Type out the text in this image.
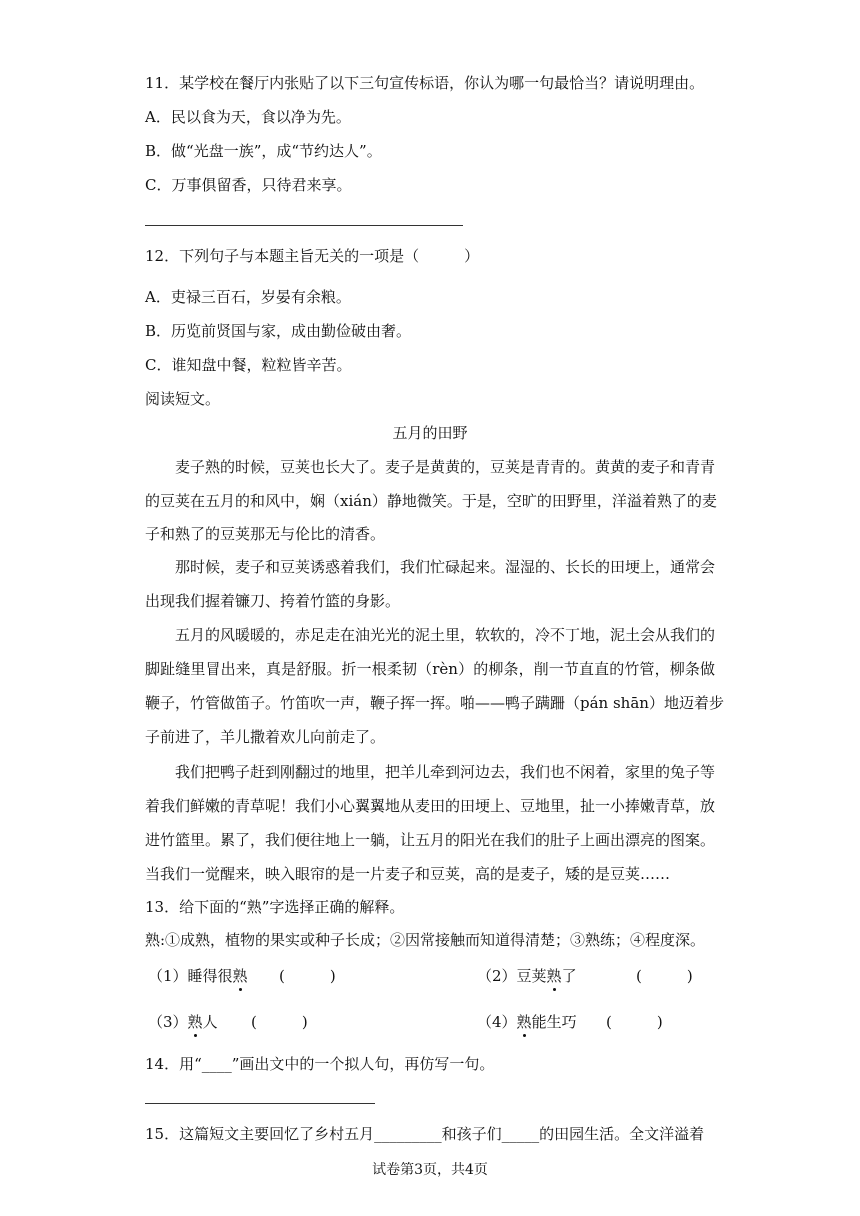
11．某学校在餐厅内张贴了以下三句宣传标语，你认为哪一句最恰当？请说明理由。
A．民以食为天，食以净为先。
B．做“光盘一族”，成“节约达人”。
C．万事俱留香，只待君来享。
12．下列句子与本题主旨无关的一项是（　　　）
A．吏禄三百石，岁晏有余粮。
B．历览前贤国与家，成由勤俭破由奢。
C．谁知盘中餐，粒粒皆辛苦。
阅读短文。
五月的田野
麦子熟的时候，豆荚也长大了。麦子是黄黄的，豆荚是青青的。黄黄的麦子和青青
的豆荚在五月的和风中，娴（xián）静地微笑。于是，空旷的田野里，洋溢着熟了的麦
子和熟了的豆荚那无与伦比的清香。
那时候，麦子和豆荚诱惑着我们，我们忙碌起来。湿湿的、长长的田埂上，通常会
出现我们握着镰刀、挎着竹篮的身影。
五月的风暖暖的，赤足走在油光光的泥土里，软软的，冷不丁地，泥土会从我们的
脚趾缝里冒出来，真是舒服。折一根柔韧（rèn）的柳条，削一节直直的竹管，柳条做
鞭子，竹管做笛子。竹笛吹一声，鞭子挥一挥。啪——鸭子蹒跚（pán shān）地迈着步
子前进了，羊儿撒着欢儿向前走了。
我们把鸭子赶到刚翻过的地里，把羊儿牵到河边去，我们也不闲着，家里的兔子等
着我们鲜嫩的青草呢！我们小心翼翼地从麦田的田埂上、豆地里，扯一小捧嫩青草，放
进竹篮里。累了，我们便往地上一躺，让五月的阳光在我们的肚子上画出漂亮的图案。
当我们一觉醒来，映入眼帘的是一片麦子和豆荚，高的是麦子，矮的是豆荚……
13．给下面的“熟”字选择正确的解释。
熟:①成熟，植物的果实或种子长成；②因常接触而知道得清楚；③熟练；④程度深。
（1）睡得很熟 (　　　)	（2）豆荚熟了	(　　　)
（3）熟人 (　　　)	（4）熟能生巧 (　　　)
14．用“____”画出文中的一个拟人句，再仿写一句。
15．这篇短文主要回忆了乡村五月_________和孩子们_____的田园生活。全文洋溢着
试卷第3页，共4页
